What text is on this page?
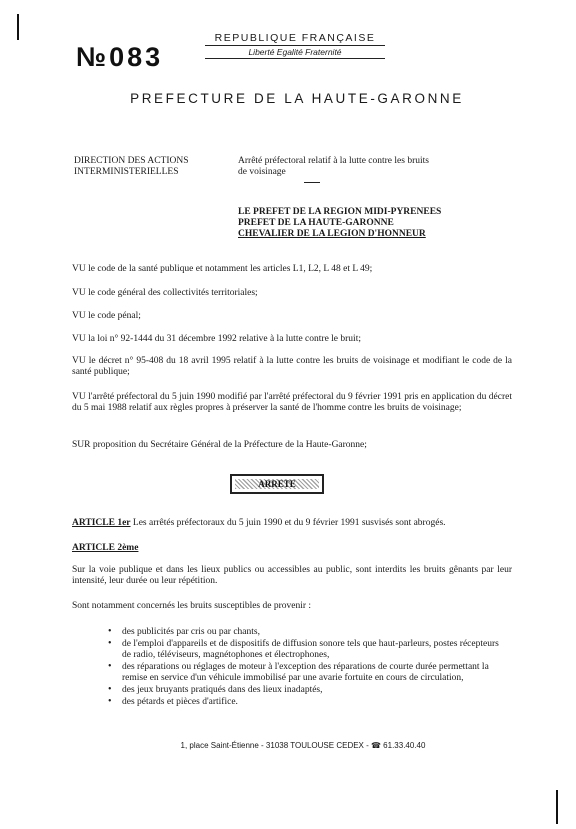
№083
REPUBLIQUE FRANÇAISE
Liberté Egalité Fraternité
PREFECTURE DE LA HAUTE-GARONNE
DIRECTION DES ACTIONS
INTERMINISTERIELLES
Arrêté préfectoral relatif à la lutte contre les bruits
de voisinage
LE PREFET DE LA REGION MIDI-PYRENEES
PREFET DE LA HAUTE-GARONNE
CHEVALIER DE LA LEGION D'HONNEUR
VU le code de la santé publique et notamment les articles L1, L2, L 48 et L 49;
VU le code général des collectivités territoriales;
VU le code pénal;
VU la loi n° 92-1444 du 31 décembre 1992 relative à la lutte contre le bruit;
VU le décret n° 95-408 du 18 avril 1995 relatif à la lutte contre les bruits de voisinage et modifiant le code de la santé publique;
VU l'arrêté préfectoral du 5 juin 1990 modifié par l'arrêté préfectoral du 9 février 1991 pris en application du décret du 5 mai 1988 relatif aux règles propres à préserver la santé de l'homme contre les bruits de voisinage;
SUR proposition du Secrétaire Général de la Préfecture de la Haute-Garonne;
ARRETE
ARTICLE 1er Les arrêtés préfectoraux du 5 juin 1990 et du 9 février 1991 susvisés sont abrogés.
ARTICLE 2ème
Sur la voie publique et dans les lieux publics ou accessibles au public, sont interdits les bruits gênants par leur intensité, leur durée ou leur répétition.
Sont notamment concernés les bruits susceptibles de provenir :
• des publicités par cris ou par chants,
• de l'emploi d'appareils et de dispositifs de diffusion sonore tels que haut-parleurs, postes récepteurs de radio, téléviseurs, magnétophones et électrophones,
• des réparations ou réglages de moteur à l'exception des réparations de courte durée permettant la remise en service d'un véhicule immobilisé par une avarie fortuite en cours de circulation,
• des jeux bruyants pratiqués dans des lieux inadaptés,
• des pétards et pièces d'artifice.
1, place Saint-Étienne - 31038 TOULOUSE CEDEX - ☎ 61.33.40.40
